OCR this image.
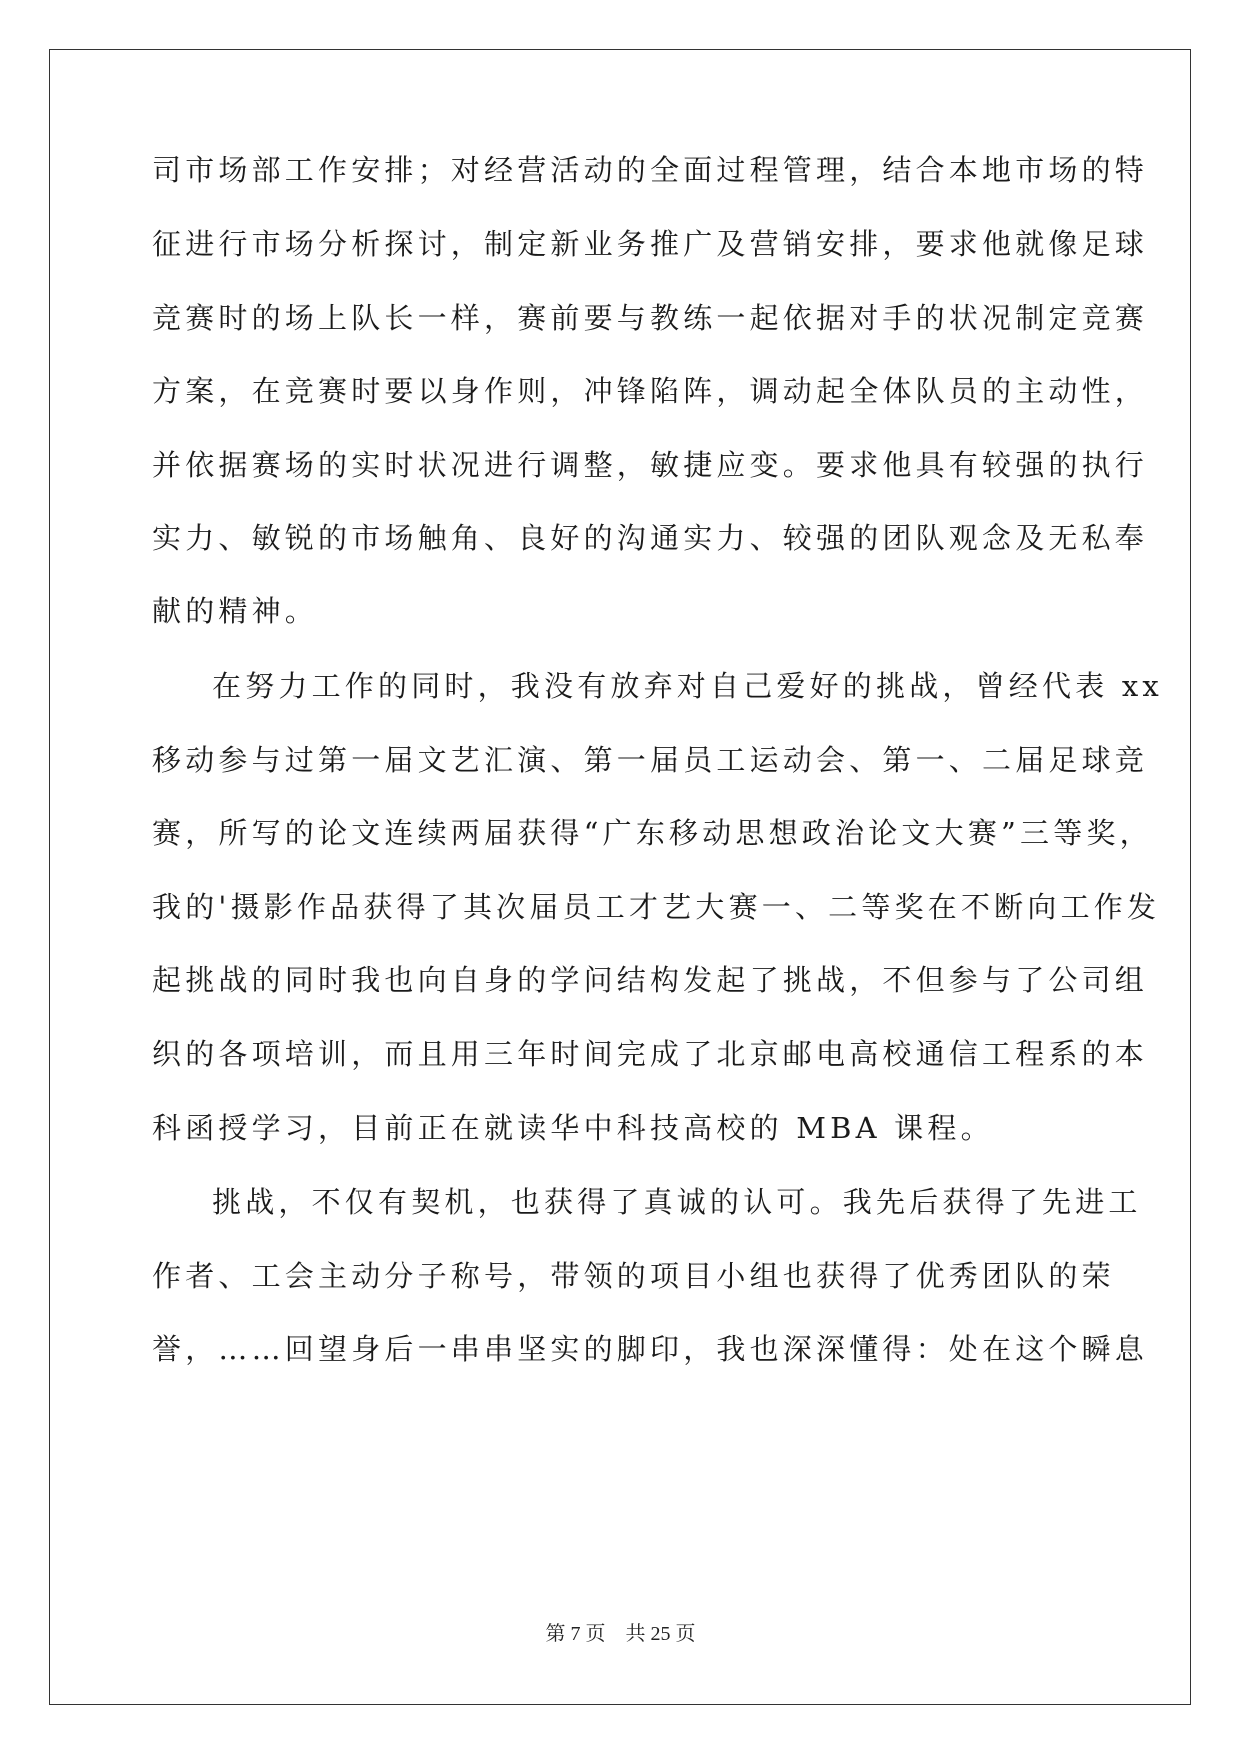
司市场部工作安排；对经营活动的全面过程管理，结合本地市场的特
征进行市场分析探讨，制定新业务推广及营销安排，要求他就像足球
竞赛时的场上队长一样，赛前要与教练一起依据对手的状况制定竞赛
方案，在竞赛时要以身作则，冲锋陷阵，调动起全体队员的主动性，
并依据赛场的实时状况进行调整，敏捷应变。要求他具有较强的执行
实力、敏锐的市场触角、良好的沟通实力、较强的团队观念及无私奉
献的精神。
在努力工作的同时，我没有放弃对自己爱好的挑战，曾经代表 xx
移动参与过第一届文艺汇演、第一届员工运动会、第一、二届足球竞
赛，所写的论文连续两届获得“广东移动思想政治论文大赛”三等奖，
我的'摄影作品获得了其次届员工才艺大赛一、二等奖在不断向工作发
起挑战的同时我也向自身的学问结构发起了挑战，不但参与了公司组
织的各项培训，而且用三年时间完成了北京邮电高校通信工程系的本
科函授学习，目前正在就读华中科技高校的 MBA 课程。
挑战，不仅有契机，也获得了真诚的认可。我先后获得了先进工
作者、工会主动分子称号，带领的项目小组也获得了优秀团队的荣
誉，……回望身后一串串坚实的脚印，我也深深懂得：处在这个瞬息
第 7 页　共 25 页
